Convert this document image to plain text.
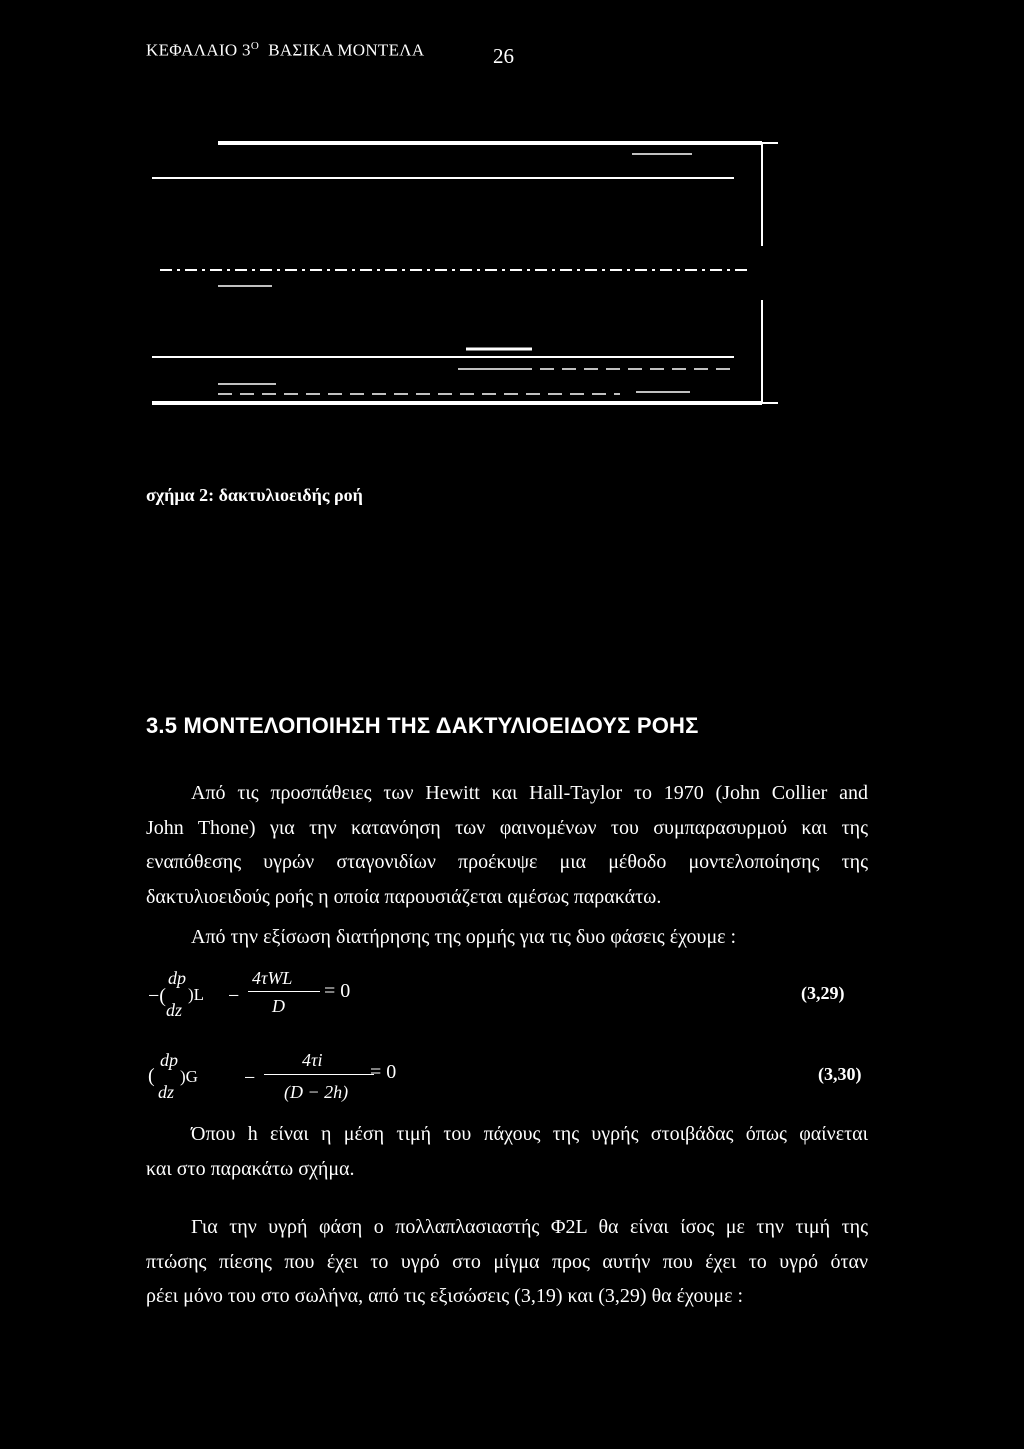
ΚΕΦΑΛΑΙΟ $3^O$ ΒΑΣΙΚΑ ΜΟΝΤΕΛΑ	26
σχήμα 2: δακτυλιοειδής ροή
3.5 ΜΟΝΤΕΛΟΠΟΙΗΣΗ ΤΗΣ ΔΑΚΤΥΛΙΟΕΙΔΟΥΣ ΡΟΗΣ
Από τις προσπάθειες των Hewitt και Hall-Taylor το 1970 (John Collier and
John Thone) για την κατανόηση των φαινομένων του συμπαρασυρμού και της
εναπόθεσης υγρών σταγονιδίων προέκυψε μια μέθοδο μοντελοποίησης της
δακτυλιοειδούς ροής η οποία παρουσιάζεται αμέσως παρακάτω.
Από την εξίσωση διατήρησης της ορμής για τις δυο φάσεις έχουμε :
−(
dp
dz
)L −
4τWL
D
= 0	(3,29)
(
dp
dz
)G −
4τi
(D − 2h)
= 0	(3,30)
Όπου h είναι η μέση τιμή του πάχους της υγρής στοιβάδας όπως φαίνεται
και στο παρακάτω σχήμα.
Για την υγρή φάση ο πολλαπλασιαστής Φ2L θα είναι ίσος με την τιμή της
πτώσης πίεσης που έχει το υγρό στο μίγμα προς αυτήν που έχει το υγρό όταν
ρέει μόνο του στο σωλήνα, από τις εξισώσεις (3,19) και (3,29) θα έχουμε :
